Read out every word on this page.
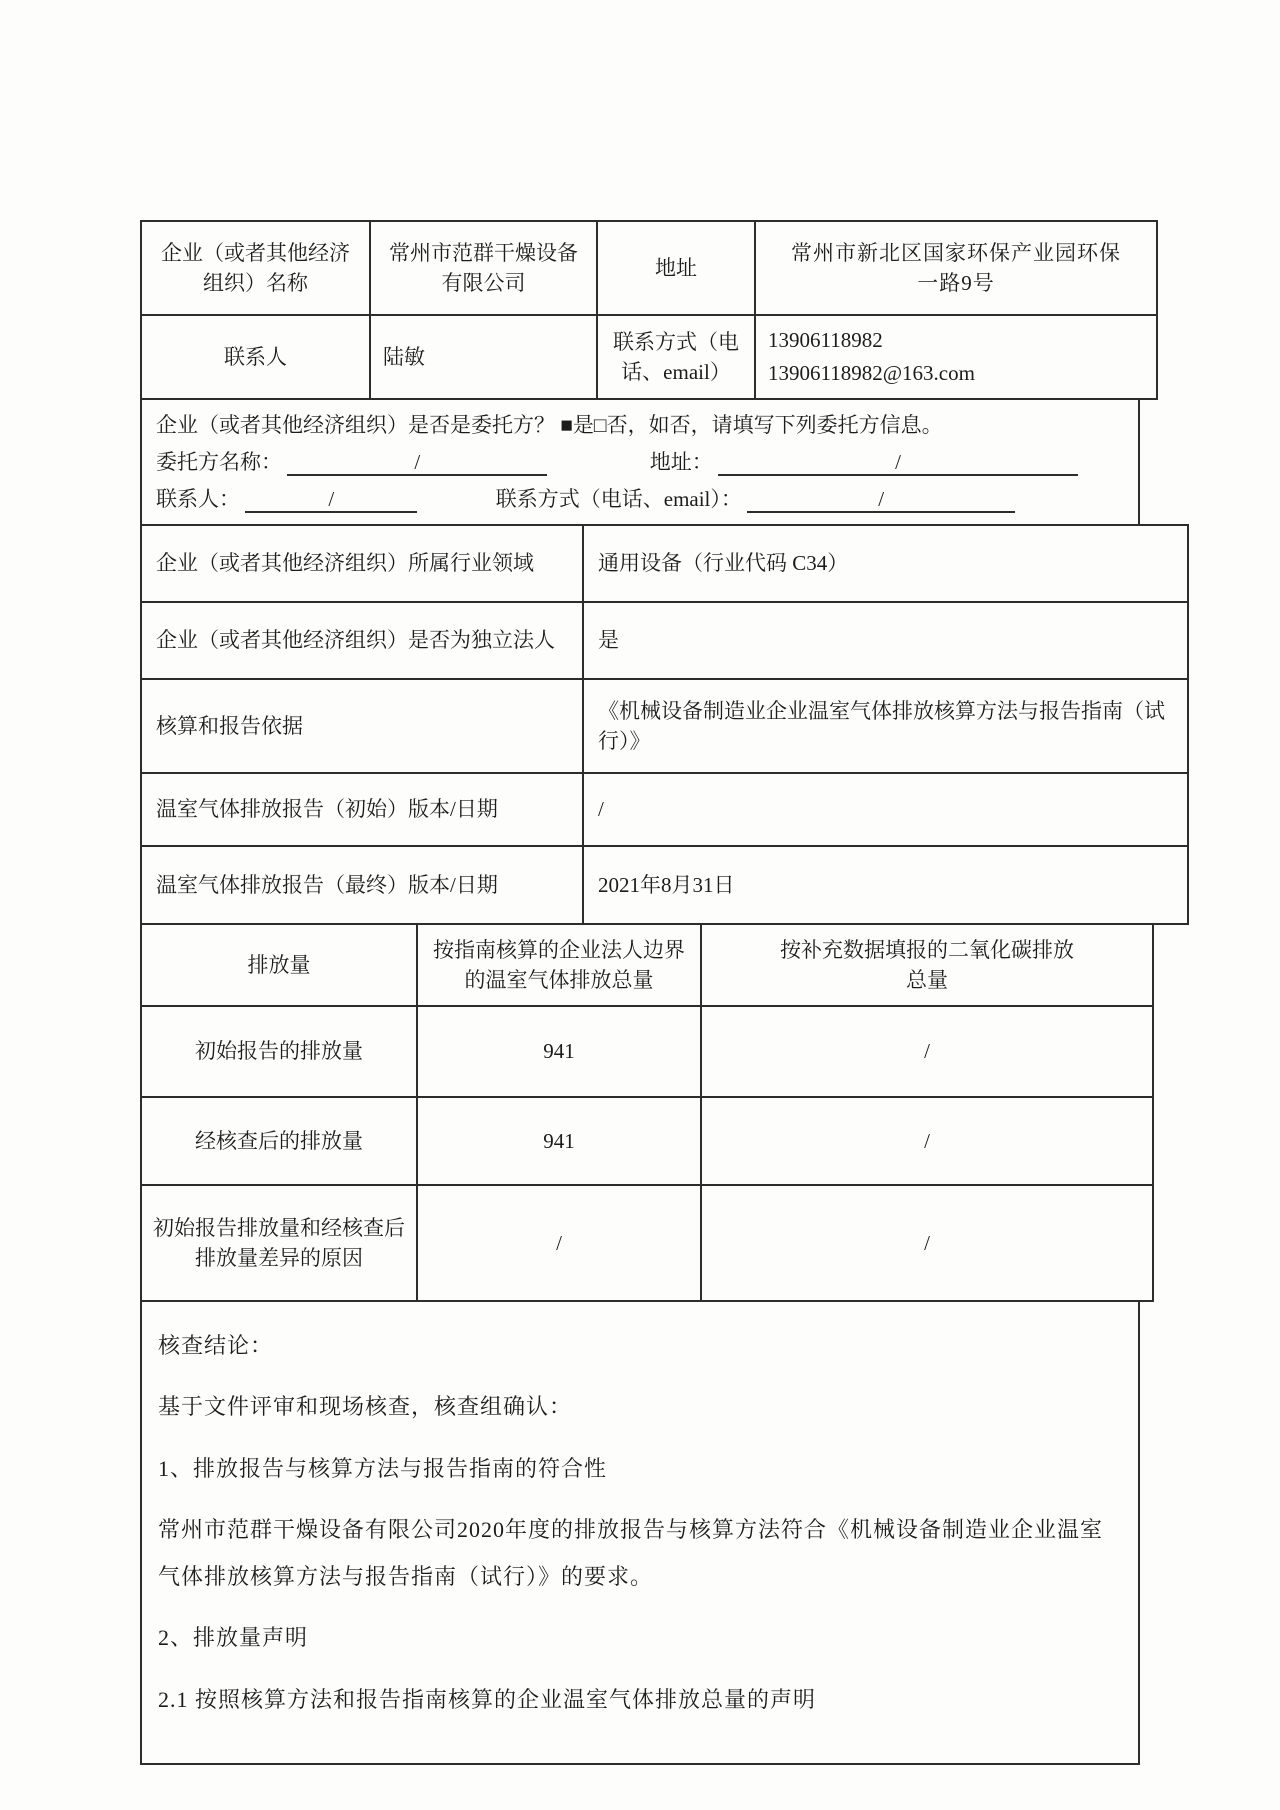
企业（或者其他经济组织）名称	常州市范群干燥设备有限公司	地址	常州市新北区国家环保产业园环保一路9号

联系人	陆敏	联系方式（电话、email）	13906118982
13906118982@163.com
企业（或者其他经济组织）是否是委托方？ ■是□否，如否，请填写下列委托方信息。
委托方名称：	/	地址：	/
联系人：	/	联系方式（电话、email）：	/
企业（或者其他经济组织）所属行业领域	通用设备（行业代码 C34）
企业（或者其他经济组织）是否为独立法人	是
核算和报告依据	《机械设备制造业企业温室气体排放核算方法与报告指南（试行）》
温室气体排放报告（初始）版本/日期	/
温室气体排放报告（最终）版本/日期	2021年8月31日
排放量	按指南核算的企业法人边界的温室气体排放总量	按补充数据填报的二氧化碳排放总量

初始报告的排放量	941	/
经核查后的排放量	941	/

初始报告排放量和经核查后排放量差异的原因	/	/

核查结论：

基于文件评审和现场核查，核查组确认：

1、排放报告与核算方法与报告指南的符合性

常州市范群干燥设备有限公司2020年度的排放报告与核算方法符合《机械设备制造业企业温室气体排放核算方法与报告指南（试行）》的要求。

2、排放量声明

2.1 按照核算方法和报告指南核算的企业温室气体排放总量的声明
